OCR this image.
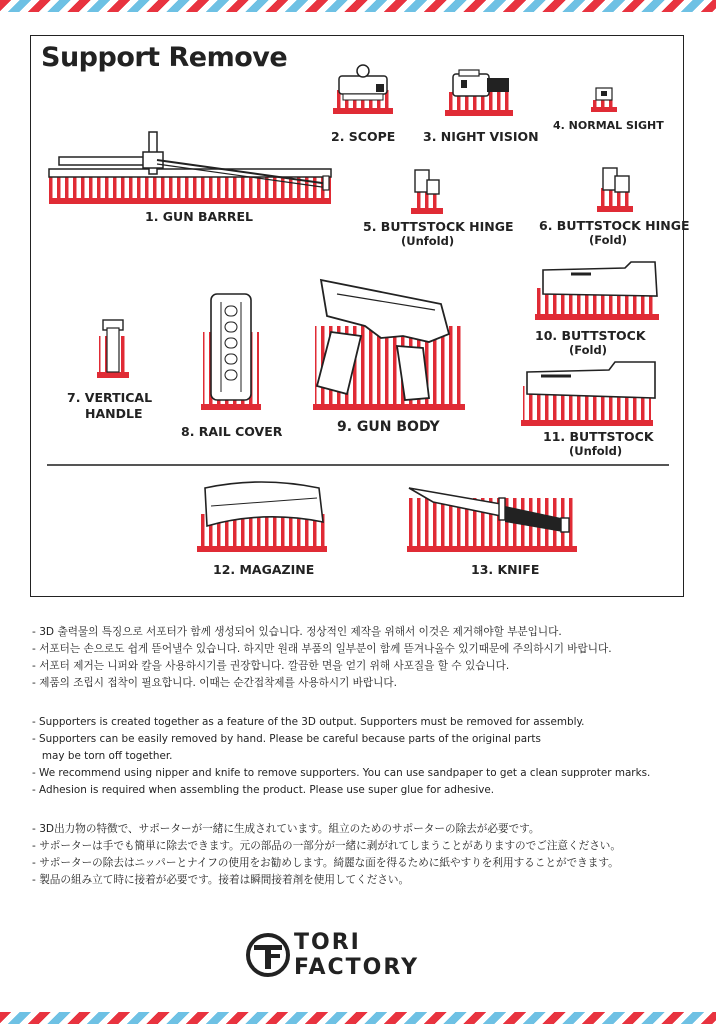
Support Remove
1. GUN BARREL
2. SCOPE 3. NIGHT VISION
4. NORMAL SIGHT
5. BUTTSTOCK HINGE
(Unfold)
6. BUTTSTOCK HINGE
(Fold)
7. VERTICAL
HANDLE
8. RAIL COVER	9. GUN BODY
10. BUTTSTOCK
(Fold)
11. BUTTSTOCK
(Unfold)
12. MAGAZINE	13. KNIFE
- 3D 출력물의 특징으로 서포터가 함께 생성되어 있습니다. 정상적인 제작을 위해서 이것은 제거해야할 부분입니다.
- 서포터는 손으로도 쉽게 뜯어낼수 있습니다. 하지만 원래 부품의 일부분이 함께 뜯겨나올수 있기때문에 주의하시기 바랍니다.
- 서포터 제거는 니퍼와 칼을 사용하시기를 권장합니다. 깔끔한 면을 얻기 위해 사포질을 할 수 있습니다.
- 제품의 조립시 접착이 필요합니다. 이때는 순간접착제를 사용하시기 바랍니다.
- Supporters is created together as a feature of the 3D output. Supporters must be removed for assembly.
- Supporters can be easily removed by hand. Please be careful because parts of the original parts
may be torn off together.
- We recommend using nipper and knife to remove supporters. You can use sandpaper to get a clean supproter marks.
- Adhesion is required when assembling the product. Please use super glue for adhesive.
- 3D出力物の特徴で、サポーターが一緒に生成されています。組立のためのサポーターの除去が必要です。
- サポーターは手でも簡単に除去できます。元の部品の一部分が一緒に剥がれてしまうことがありますのでご注意ください。
- サポーターの除去はニッパーとナイフの使用をお勧めします。綺麗な面を得るために紙やすりを利用することができます。
- 製品の組み立て時に接着が必要です。接着は瞬間接着剤を使用してください。
TORI
FACTORY
